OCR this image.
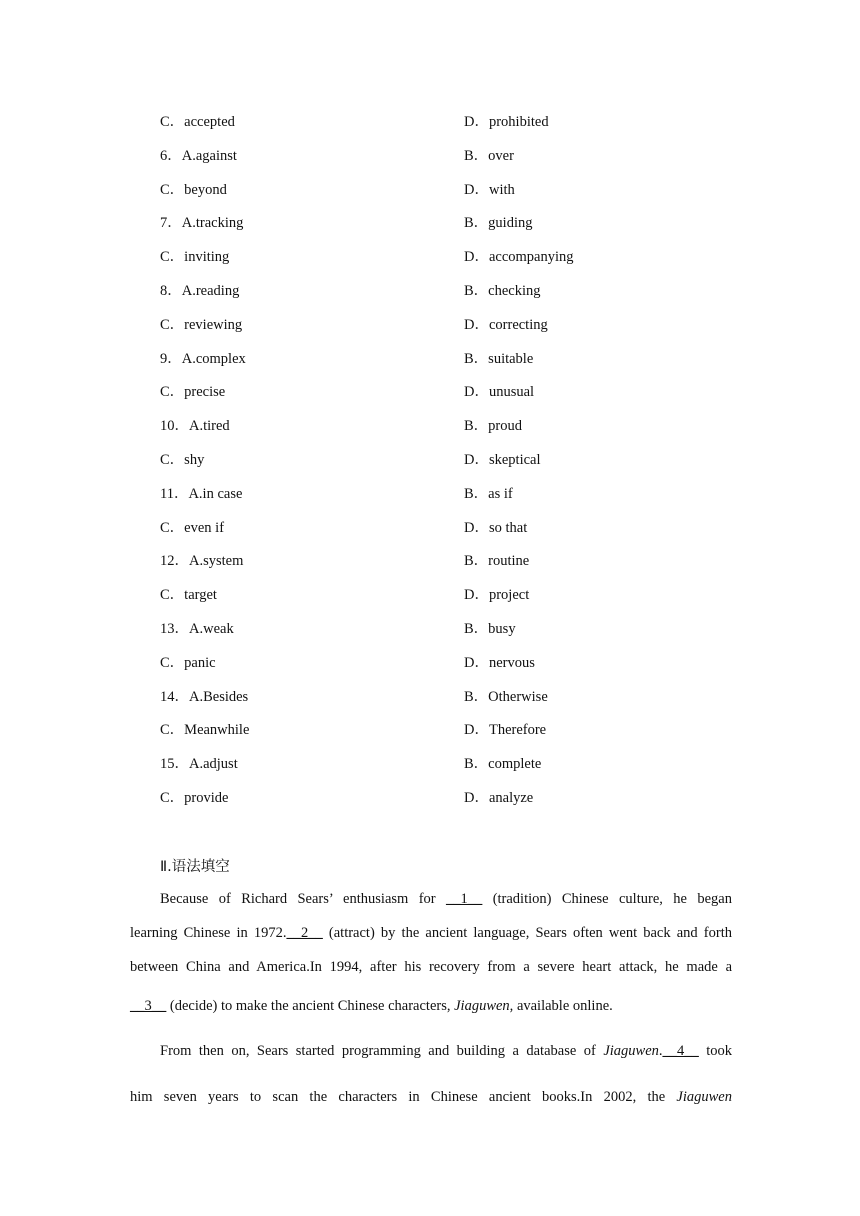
C．accepted	D．prohibited
6．A.against	B．over
C．beyond	D．with
7．A.tracking	B．guiding
C．inviting	D．accompanying
8．A.reading	B．checking
C．reviewing	D．correcting
9．A.complex	B．suitable
C．precise	D．unusual
10．A.tired	B．proud
C．shy	D．skeptical
11．A.in case	B．as if
C．even if	D．so that
12．A.system	B．routine
C．target	D．project
13．A.weak	B．busy
C．panic	D．nervous
14．A.Besides	B．Otherwise
C．Meanwhile	D．Therefore
15．A.adjust	B．complete
C．provide	D．analyze
Ⅱ.语法填空
Because of Richard Sears’ enthusiasm for __1__ (tradition) Chinese culture, he began
learning Chinese in 1972.__2__ (attract) by the ancient language, Sears often went back and forth
between China and America.In 1994, after his recovery from a severe heart attack, he made a
__3__ (decide) to make the ancient Chinese characters, Jiaguwen, available online.
From then on, Sears started programming and building a database of Jiaguwen.__4__ took
him seven years to scan the characters in Chinese ancient books.In 2002, the Jiaguwen
